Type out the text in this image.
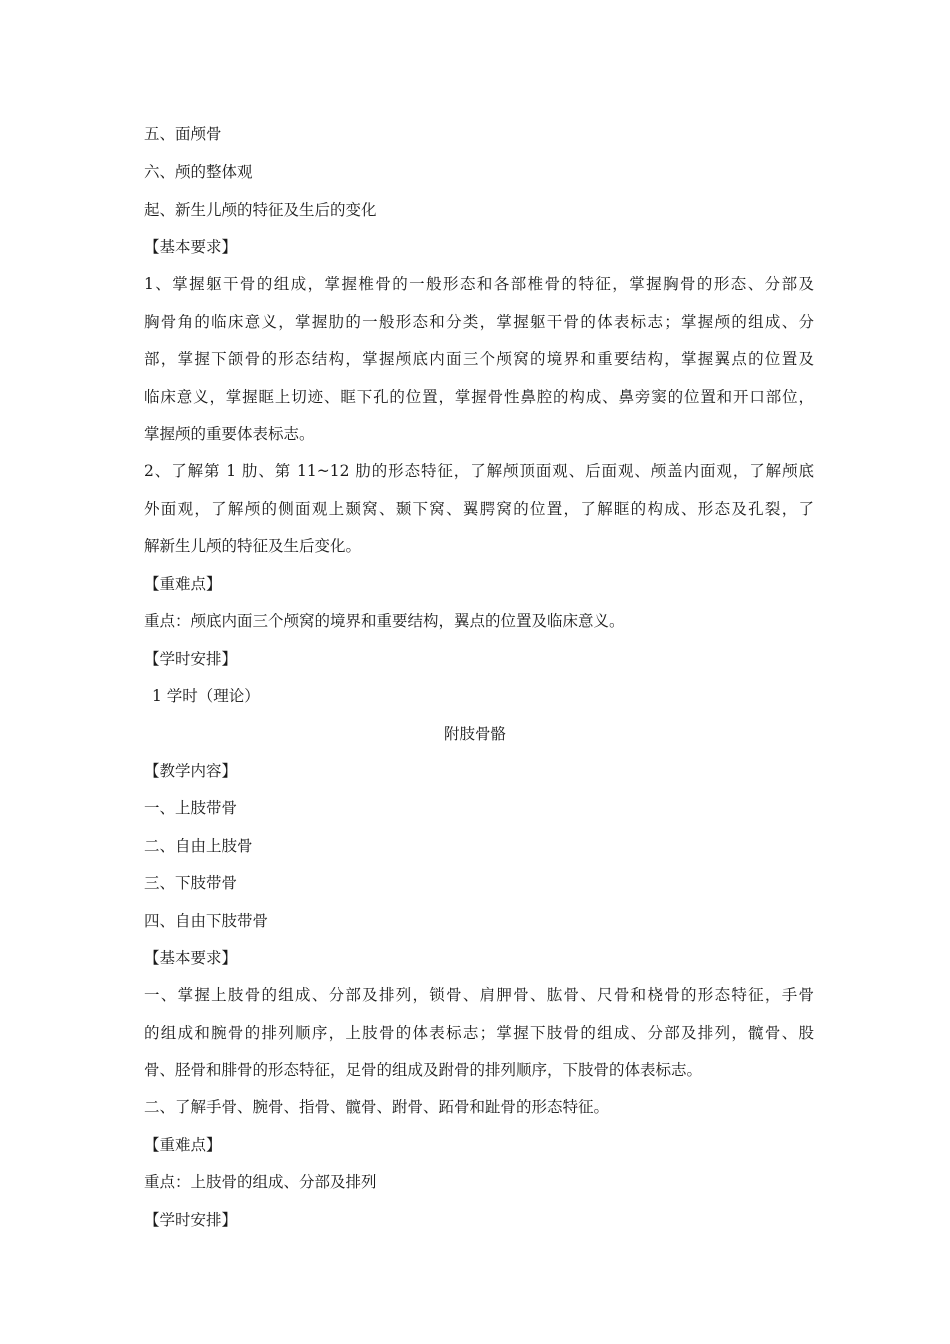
五、面颅骨
六、颅的整体观
起、新生儿颅的特征及生后的变化
【基本要求】
1、掌握躯干骨的组成，掌握椎骨的一般形态和各部椎骨的特征，掌握胸骨的形态、分部及
胸骨角的临床意义，掌握肋的一般形态和分类，掌握躯干骨的体表标志；掌握颅的组成、分
部，掌握下颌骨的形态结构，掌握颅底内面三个颅窝的境界和重要结构，掌握翼点的位置及
临床意义，掌握眶上切迹、眶下孔的位置，掌握骨性鼻腔的构成、鼻旁窦的位置和开口部位，
掌握颅的重要体表标志。
2、了解第 1 肋、第 11~12 肋的形态特征，了解颅顶面观、后面观、颅盖内面观，了解颅底
外面观，了解颅的侧面观上颞窝、颞下窝、翼腭窝的位置，了解眶的构成、形态及孔裂，了
解新生儿颅的特征及生后变化。
【重难点】
重点：颅底内面三个颅窝的境界和重要结构，翼点的位置及临床意义。
【学时安排】
1 学时（理论）
附肢骨骼
【教学内容】
一、上肢带骨
二、自由上肢骨
三、下肢带骨
四、自由下肢带骨
【基本要求】
一、掌握上肢骨的组成、分部及排列，锁骨、肩胛骨、肱骨、尺骨和桡骨的形态特征，手骨
的组成和腕骨的排列顺序，上肢骨的体表标志；掌握下肢骨的组成、分部及排列，髋骨、股
骨、胫骨和腓骨的形态特征，足骨的组成及跗骨的排列顺序，下肢骨的体表标志。
二、了解手骨、腕骨、指骨、髋骨、跗骨、跖骨和趾骨的形态特征。
【重难点】
重点：上肢骨的组成、分部及排列
【学时安排】
